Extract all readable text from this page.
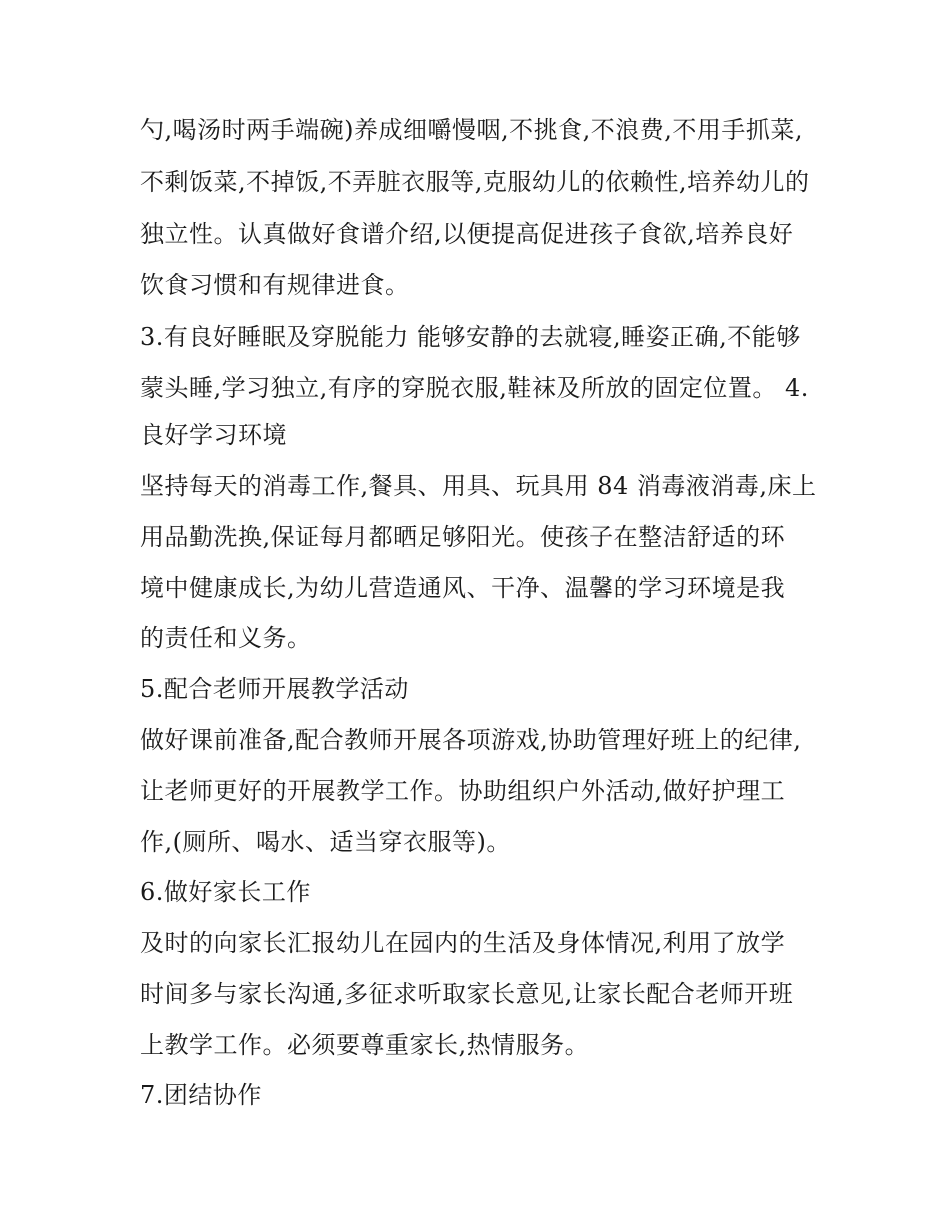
勺,喝汤时两手端碗)养成细嚼慢咽,不挑食,不浪费,不用手抓菜,
不剩饭菜,不掉饭,不弄脏衣服等,克服幼儿的依赖性,培养幼儿的
独立性。认真做好食谱介绍,以便提高促进孩子食欲,培养良好
饮食习惯和有规律进食。
3.有良好睡眠及穿脱能力 能够安静的去就寝,睡姿正确,不能够
蒙头睡,学习独立,有序的穿脱衣服,鞋袜及所放的固定位置。 4.
良好学习环境
坚持每天的消毒工作,餐具、用具、玩具用 84 消毒液消毒,床上
用品勤洗换,保证每月都晒足够阳光。使孩子在整洁舒适的环
境中健康成长,为幼儿营造通风、干净、温馨的学习环境是我
的责任和义务。
5.配合老师开展教学活动
做好课前准备,配合教师开展各项游戏,协助管理好班上的纪律,
让老师更好的开展教学工作。协助组织户外活动,做好护理工
作,(厕所、喝水、适当穿衣服等)。
6.做好家长工作
及时的向家长汇报幼儿在园内的生活及身体情况,利用了放学
时间多与家长沟通,多征求听取家长意见,让家长配合老师开班
上教学工作。必须要尊重家长,热情服务。
7.团结协作
